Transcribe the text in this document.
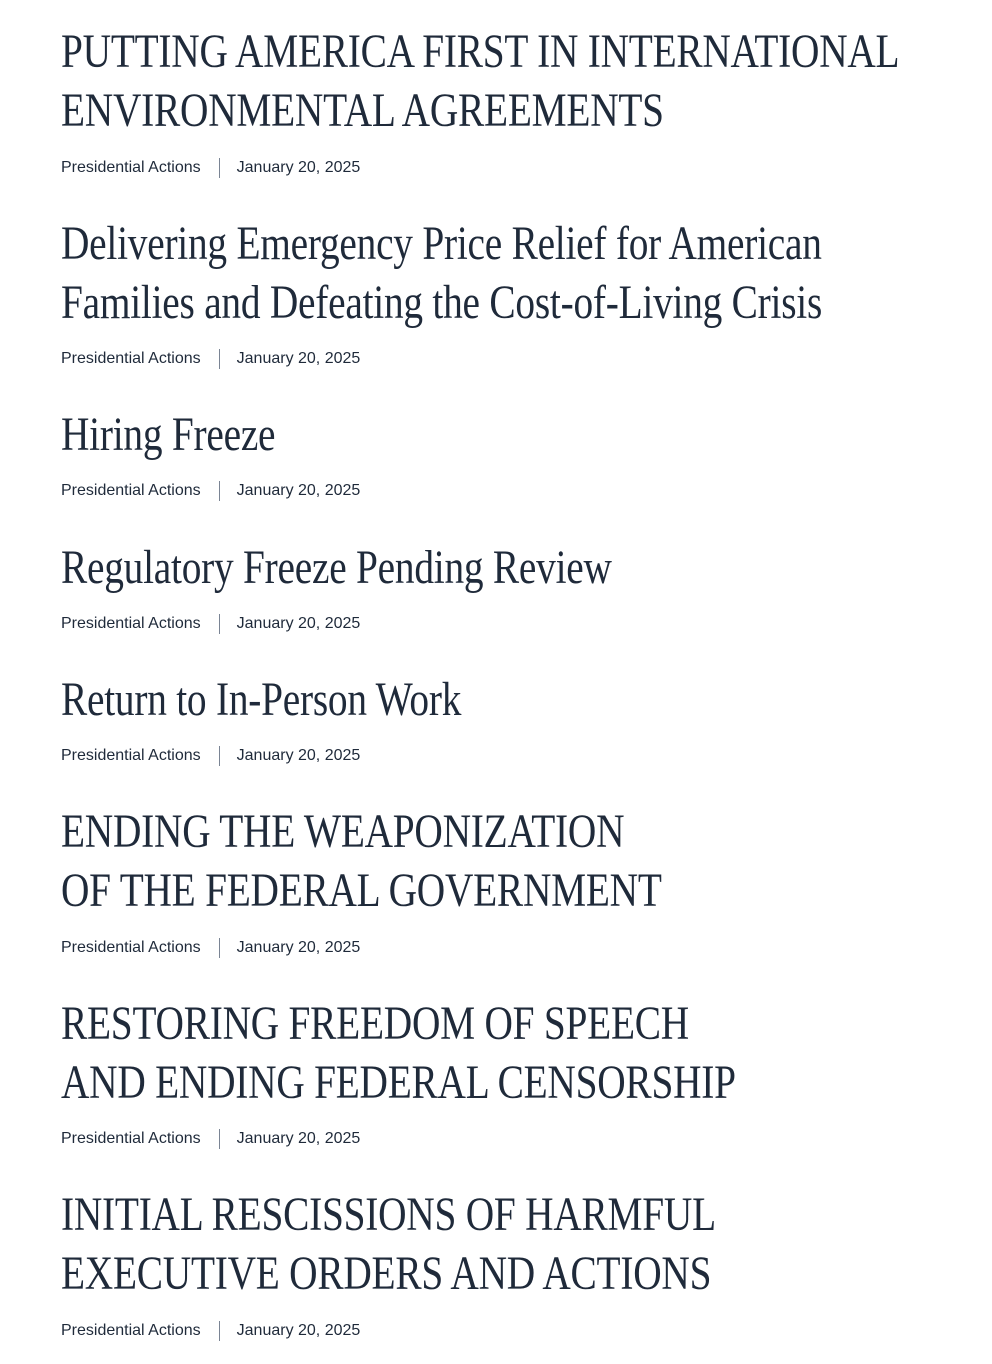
PUTTING AMERICA FIRST IN INTERNATIONAL
ENVIRONMENTAL AGREEMENTS
Presidential Actions January 20, 2025
Delivering Emergency Price Relief for American
Families and Defeating the Cost-of-Living Crisis
Presidential Actions January 20, 2025
Hiring Freeze
Presidential Actions January 20, 2025
Regulatory Freeze Pending Review
Presidential Actions January 20, 2025
Return to In-Person Work
Presidential Actions January 20, 2025
ENDING THE WEAPONIZATION
OF THE FEDERAL GOVERNMENT
Presidential Actions January 20, 2025
RESTORING FREEDOM OF SPEECH
AND ENDING FEDERAL CENSORSHIP
Presidential Actions January 20, 2025
INITIAL RESCISSIONS OF HARMFUL
EXECUTIVE ORDERS AND ACTIONS
Presidential Actions January 20, 2025
